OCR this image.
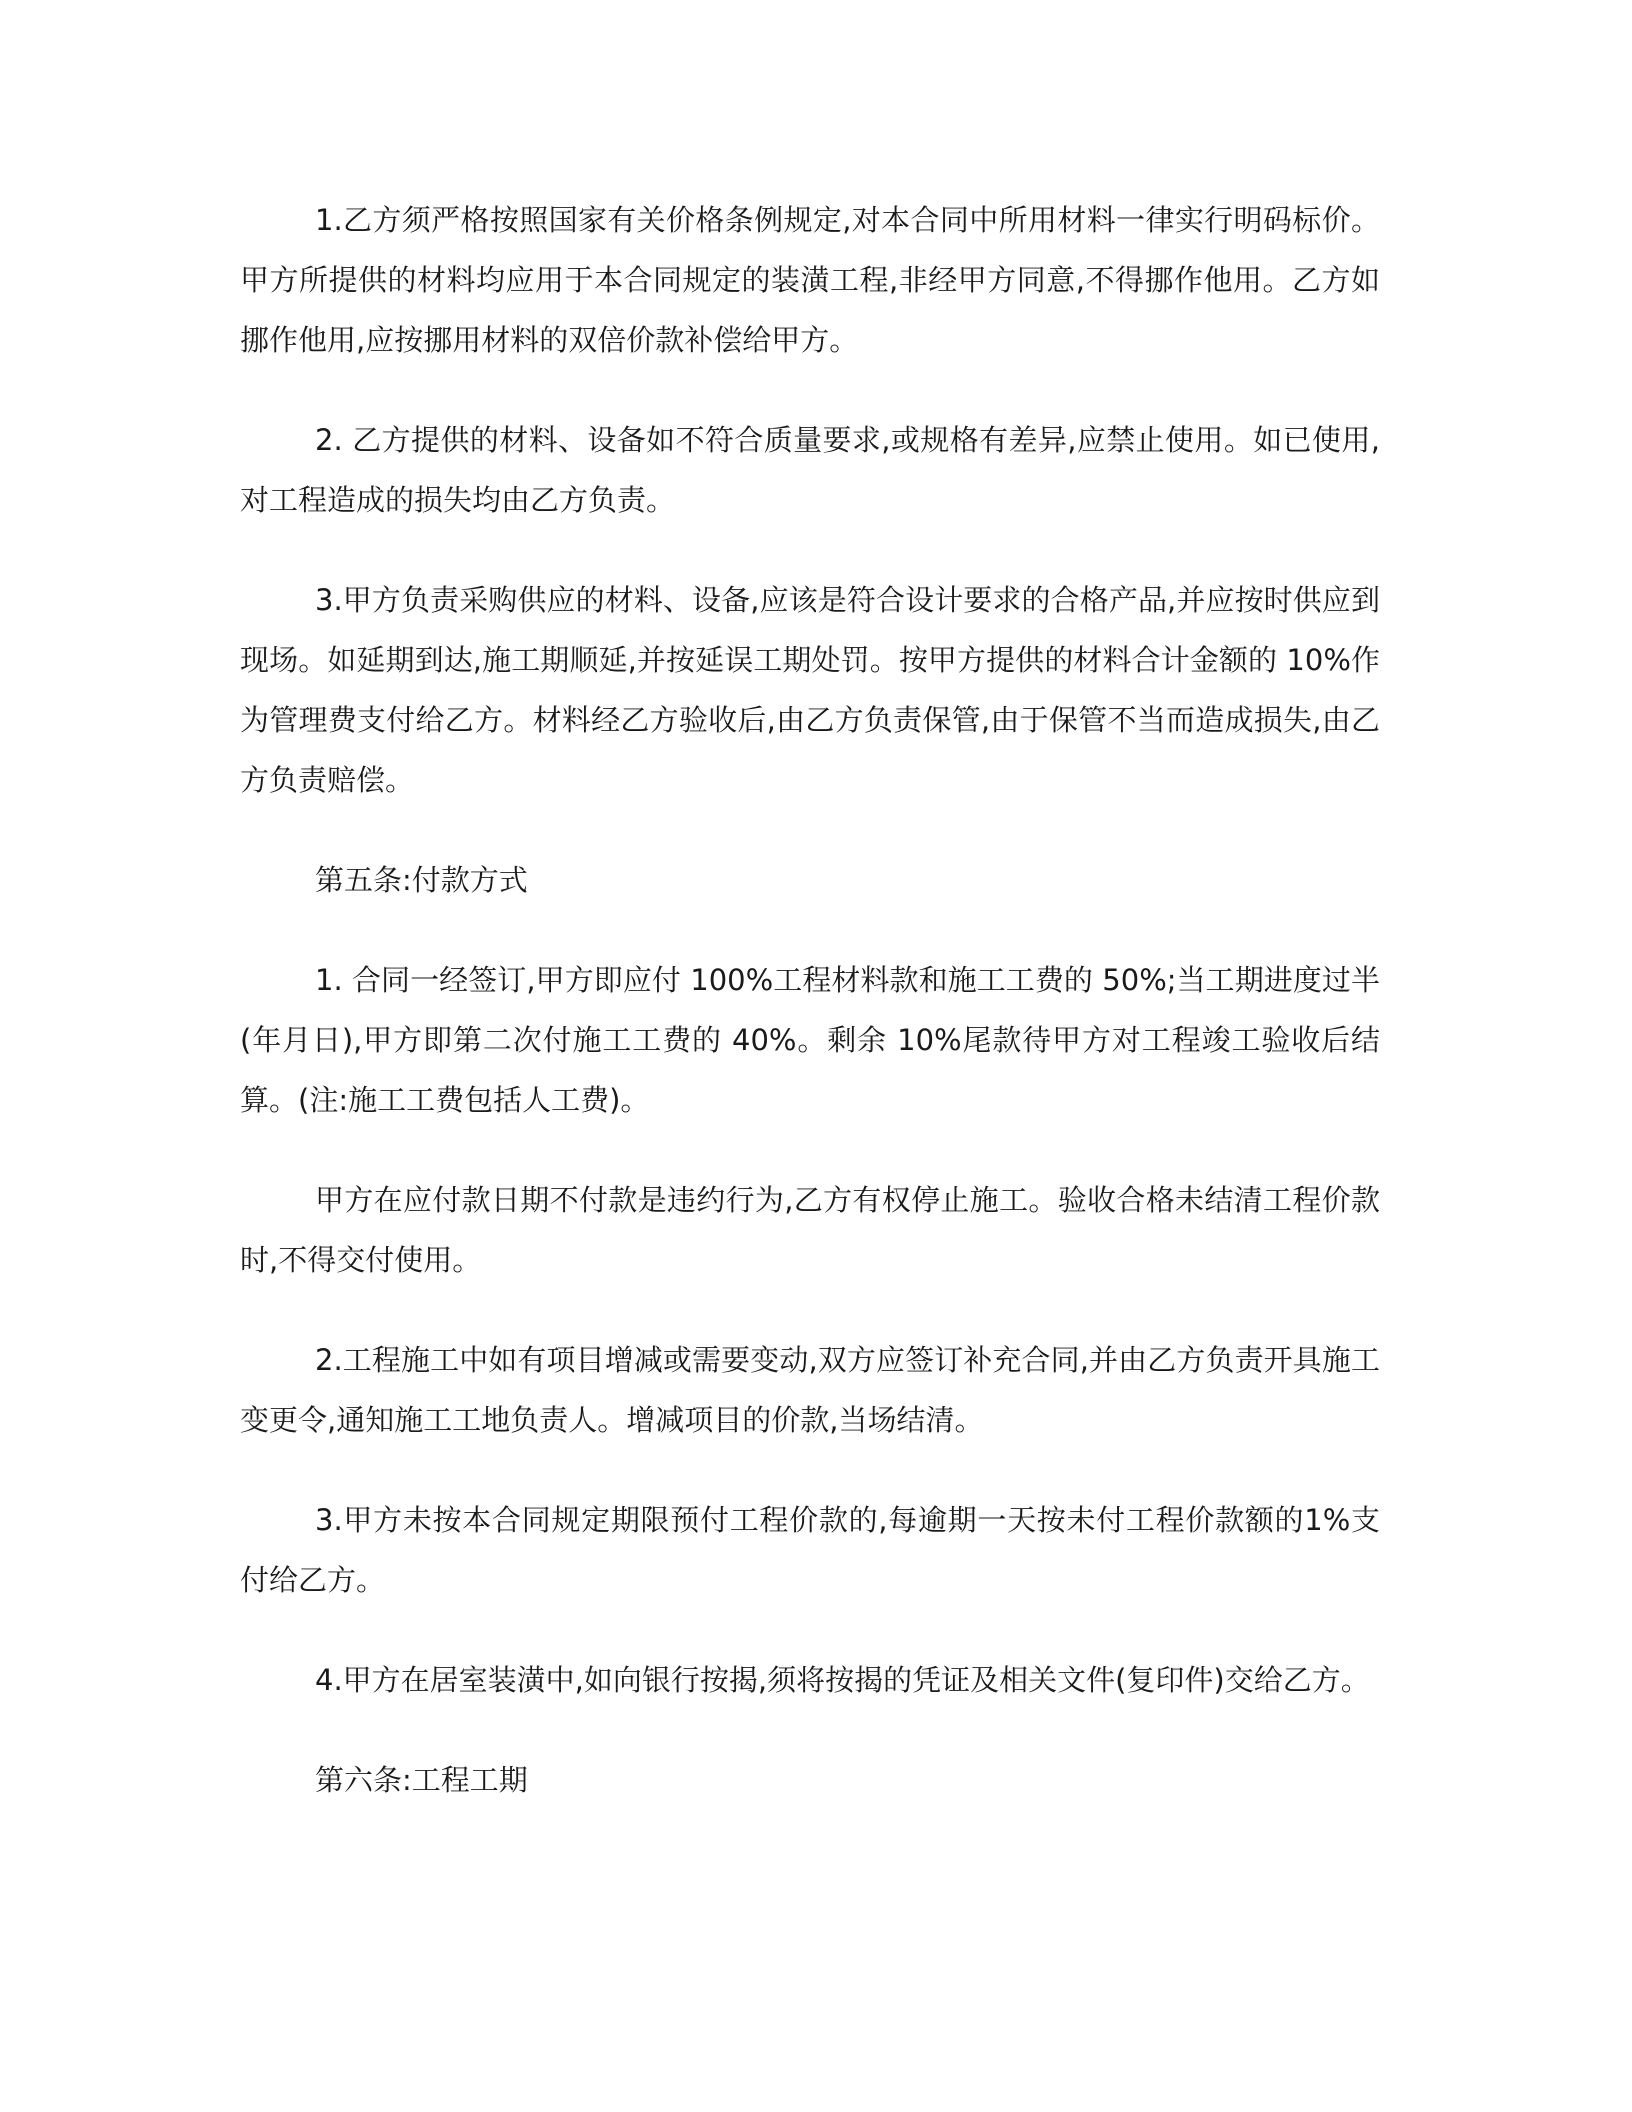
1.乙方须严格按照国家有关价格条例规定,对本合同中所用材料一律实行明码标价。甲方所提供的材料均应用于本合同规定的装潢工程,非经甲方同意,不得挪作他用。乙方如挪作他用,应按挪用材料的双倍价款补偿给甲方。

2. 乙方提供的材料、设备如不符合质量要求,或规格有差异,应禁止使用。如已使用,对工程造成的损失均由乙方负责。

3.甲方负责采购供应的材料、设备,应该是符合设计要求的合格产品,并应按时供应到现场。如延期到达,施工期顺延,并按延误工期处罚。按甲方提供的材料合计金额的 10%作为管理费支付给乙方。材料经乙方验收后,由乙方负责保管,由于保管不当而造成损失,由乙方负责赔偿。

第五条:付款方式

1. 合同一经签订,甲方即应付 100%工程材料款和施工工费的 50%;当工期进度过半(年月日),甲方即第二次付施工工费的 40%。剩余 10%尾款待甲方对工程竣工验收后结算。(注:施工工费包括人工费)。

甲方在应付款日期不付款是违约行为,乙方有权停止施工。验收合格未结清工程价款时,不得交付使用。

2.工程施工中如有项目增减或需要变动,双方应签订补充合同,并由乙方负责开具施工变更令,通知施工工地负责人。增减项目的价款,当场结清。

3.甲方未按本合同规定期限预付工程价款的,每逾期一天按未付工程价款额的1%支付给乙方。

4.甲方在居室装潢中,如向银行按揭,须将按揭的凭证及相关文件(复印件)交给乙方。

第六条:工程工期
